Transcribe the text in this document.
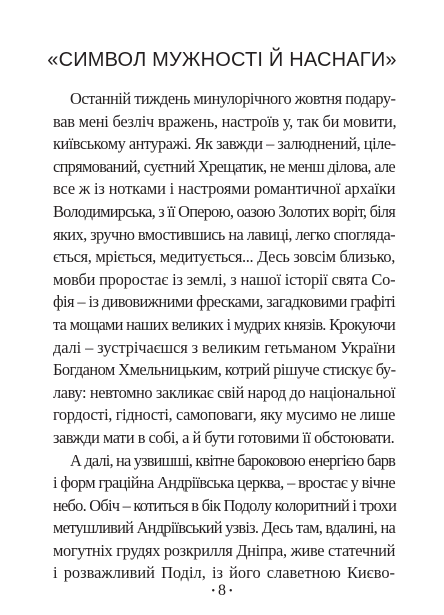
«СИМВОЛ МУЖНОСТІ Й НАСНАГИ»
Останній тиждень минулорічного жовтня подару-
вав мені безліч вражень, настроїв у, так би мовити,
київському антуражі. Як завжди – залюднений, ціле-
спрямований, суєтний Хрещатик, не менш ділова, але
все ж із нотками і настроями романтичної архаїки
Володимирська, з її Оперою, оазою Золотих воріт, біля
яких, зручно вмостившись на лавиці, легко споглядa-
ється, мріється, медитується... Десь зовсім близько,
мовби проростає із землі, з нашої історії свята Со-
фія – із дивовижними фресками, загадковими графіті
та мощами наших великих і мудрих князів. Крокуючи
далі – зустрічаєшся з великим гетьманом України
Богданом Хмельницьким, котрий рішуче стискує бу-
лаву: невтомно закликає свій народ до національної
гордості, гідності, самоповаги, яку мусимо не лише
завжди мати в собі, а й бути готовими її обстоювати.
А далі, на узвишші, квітне бароковою енергією барв
і форм граційна Андріївська церква, – вростає у вічне
небо. Обіч – котиться в бік Подолу колоритний і трохи
метушливий Андріївський узвіз. Десь там, вдалині, на
могутніх грудях розкрилля Дніпра, живе статечний
і розважливий Поділ, із його славетною Києво-
• 8 •
